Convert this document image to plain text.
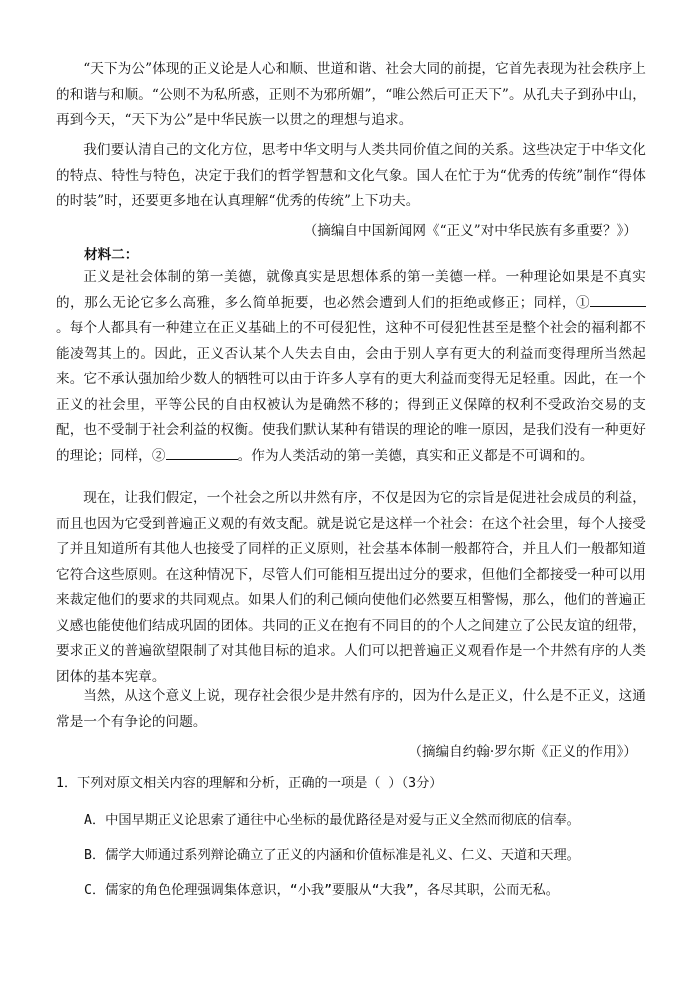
“天下为公”体现的正义论是人心和顺、世道和谐、社会大同的前提，它首先表现为社会秩序上的和谐与和顺。“公则不为私所惑，正则不为邪所媚”，“唯公然后可正天下”。从孔夫子到孙中山，再到今天，“天下为公”是中华民族一以贯之的理想与追求。

我们要认清自己的文化方位，思考中华文明与人类共同价值之间的关系。这些决定于中华文化的特点、特性与特色，决定于我们的哲学智慧和文化气象。国人在忙于为“优秀的传统”制作“得体的时装”时，还要更多地在认真理解“优秀的传统”上下功夫。

（摘编自中国新闻网《“正义”对中华民族有多重要？》）

材料二：

正义是社会体制的第一美德，就像真实是思想体系的第一美德一样。一种理论如果是不真实的，那么无论它多么高雅，多么简单扼要，也必然会遭到人们的拒绝或修正；同样，①。每个人都具有一种建立在正义基础上的不可侵犯性，这种不可侵犯性甚至是整个社会的福利都不能凌驾其上的。因此，正义否认某个人失去自由，会由于别人享有更大的利益而变得理所当然起来。它不承认强加给少数人的牺牲可以由于许多人享有的更大利益而变得无足轻重。因此，在一个正义的社会里，平等公民的自由权被认为是确然不移的；得到正义保障的权利不受政治交易的支配，也不受制于社会利益的权衡。使我们默认某种有错误的理论的唯一原因，是我们没有一种更好的理论；同样，②	。作为人类活动的第一美德，真实和正义都是不可调和的。

现在，让我们假定，一个社会之所以井然有序，不仅是因为它的宗旨是促进社会成员的利益，而且也因为它受到普遍正义观的有效支配。就是说它是这样一个社会：在这个社会里，每个人接受了并且知道所有其他人也接受了同样的正义原则，社会基本体制一般都符合，并且人们一般都知道它符合这些原则。在这种情况下，尽管人们可能相互提出过分的要求，但他们全都接受一种可以用来裁定他们的要求的共同观点。如果人们的利己倾向使他们必然要互相警惕，那么，他们的普遍正义感也能使他们结成巩固的团体。共同的正义在抱有不同目的的个人之间建立了公民友谊的纽带，要求正义的普遍欲望限制了对其他目标的追求。人们可以把普遍正义观看作是一个井然有序的人类团体的基本宪章。

当然，从这个意义上说，现存社会很少是井然有序的，因为什么是正义，什么是不正义，这通常是一个有争论的问题。

（摘编自约翰·罗尔斯《正义的作用》）

1．下列对原文相关内容的理解和分析，正确的一项是（ ）（3分）

A．中国早期正义论思索了通往中心坐标的最优路径是对爱与正义全然而彻底的信奉。

B．儒学大师通过系列辩论确立了正义的内涵和价值标准是礼义、仁义、天道和天理。

C．儒家的角色伦理强调集体意识，“小我”要服从“大我”，各尽其职，公而无私。
